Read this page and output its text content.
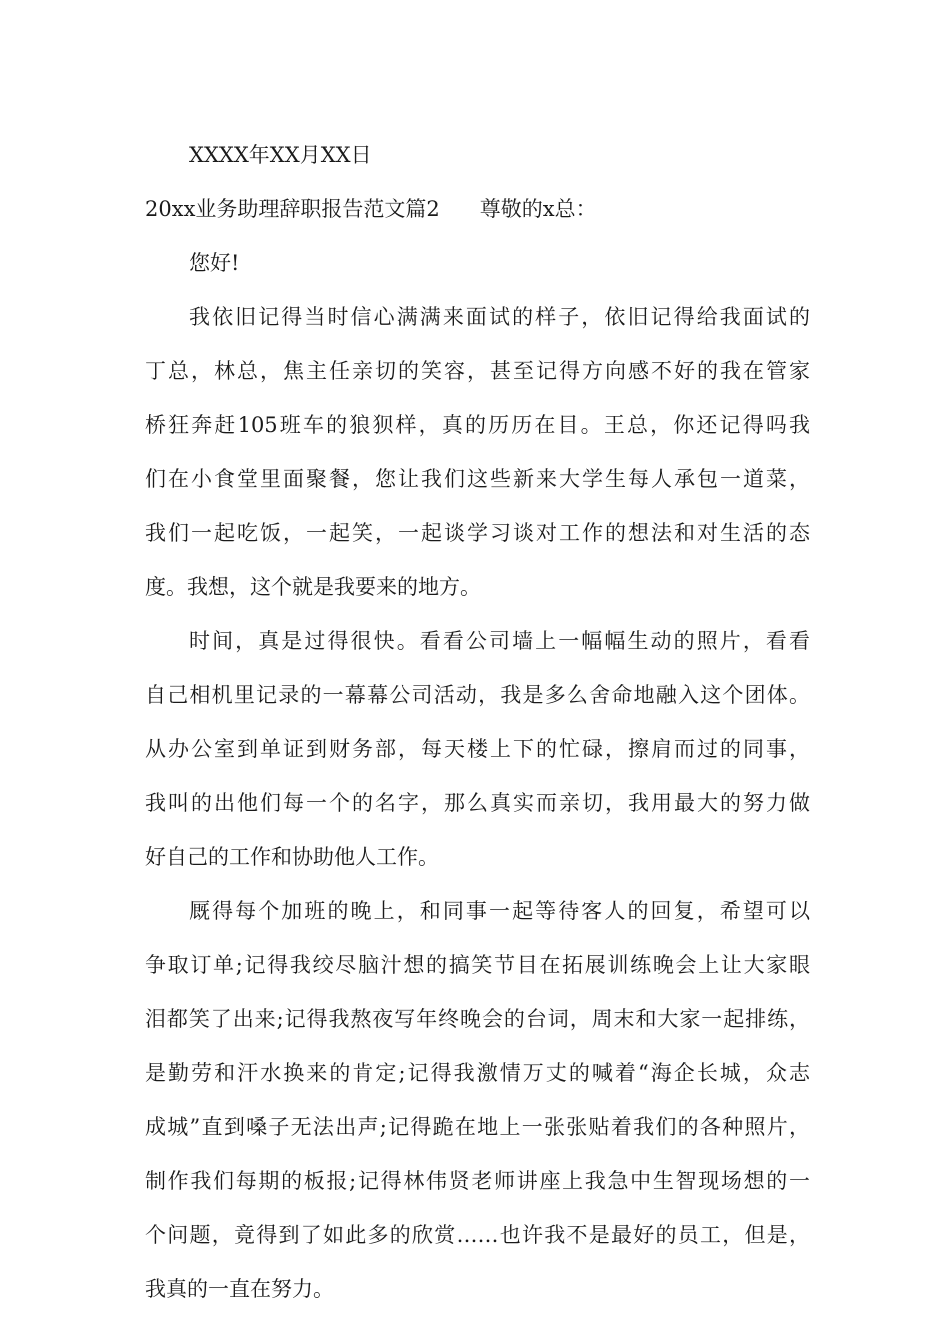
XXXX年XX月XX日
20xx业务助理辞职报告范文篇2 尊敬的x总：
您好!
我依旧记得当时信心满满来面试的样子，依旧记得给我面试的
丁总，林总，焦主任亲切的笑容，甚至记得方向感不好的我在管家
桥狂奔赶105班车的狼狈样，真的历历在目。王总，你还记得吗我
们在小食堂里面聚餐，您让我们这些新来大学生每人承包一道菜，
我们一起吃饭，一起笑，一起谈学习谈对工作的想法和对生活的态
度。我想，这个就是我要来的地方。
时间，真是过得很快。看看公司墙上一幅幅生动的照片，看看
自己相机里记录的一幕幕公司活动，我是多么舍命地融入这个团体。
从办公室到单证到财务部，每天楼上下的忙碌，擦肩而过的同事，
我叫的出他们每一个的名字，那么真实而亲切，我用最大的努力做
好自己的工作和协助他人工作。
厩得每个加班的晚上，和同事一起等待客人的回复，希望可以
争取订单;记得我绞尽脑汁想的搞笑节目在拓展训练晚会上让大家眼
泪都笑了出来;记得我熬夜写年终晚会的台词，周末和大家一起排练，
是勤劳和汗水换来的肯定;记得我激情万丈的喊着“海企长城，众志
成城”直到嗓子无法出声;记得跪在地上一张张贴着我们的各种照片，
制作我们每期的板报;记得林伟贤老师讲座上我急中生智现场想的一
个问题，竟得到了如此多的欣赏……也许我不是最好的员工，但是，
我真的一直在努力。
